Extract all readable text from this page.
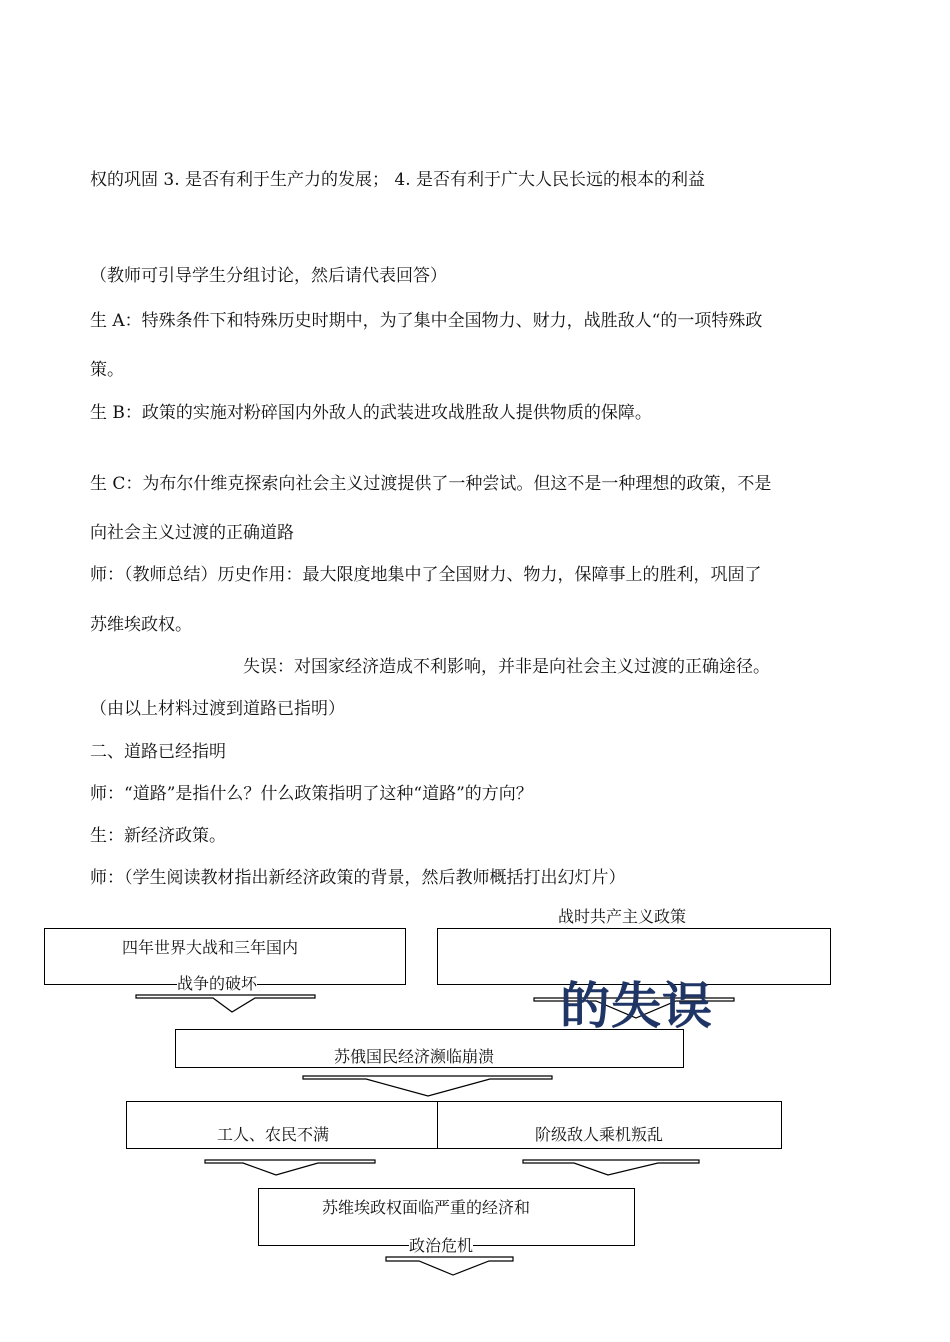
权的巩固 3. 是否有利于生产力的发展； 4. 是否有利于广大人民长远的根本的利益
（教师可引导学生分组讨论，然后请代表回答）
生 A：特殊条件下和特殊历史时期中，为了集中全国物力、财力，战胜敌人“的一项特殊政
策。
生 B：政策的实施对粉碎国内外敌人的武装进攻战胜敌人提供物质的保障。
生 C：为布尔什维克探索向社会主义过渡提供了一种尝试。但这不是一种理想的政策，不是
向社会主义过渡的正确道路
师：（教师总结）历史作用：最大限度地集中了全国财力、物力，保障事上的胜利，巩固了
苏维埃政权。
失误：对国家经济造成不利影响，并非是向社会主义过渡的正确途径。
（由以上材料过渡到道路已指明）
二、道路已经指明
师：“道路”是指什么？什么政策指明了这种“道路”的方向？
生：新经济政策。
师：（学生阅读教材指出新经济政策的背景，然后教师概括打出幻灯片）
四年世界大战和三年国内
战争的破坏
战时共产主义政策
苏俄国民经济濒临崩溃
工人、农民不满	阶级敌人乘机叛乱
苏维埃政权面临严重的经济和
政治危机
的失误
